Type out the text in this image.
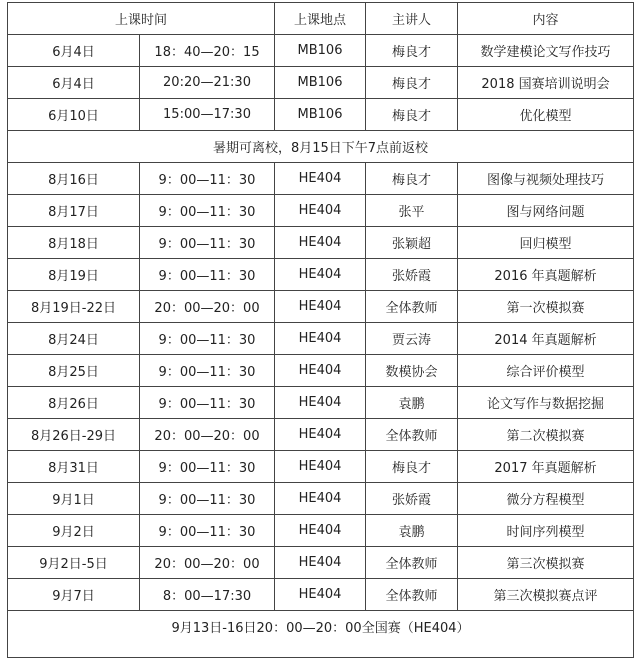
上课时间		上课地点	主讲人	内容
6月4日	18：40—20：15	MB106	梅良才	数学建模论文写作技巧
6月4日	20:20—21:30	MB106	梅良才	2018 国赛培训说明会
6月10日	15:00—17:30	MB106	梅良才	优化模型
暑期可离校，8月15日下午7点前返校				
8月16日	9：00—11：30	HE404	梅良才	图像与视频处理技巧
8月17日	9：00—11：30	HE404	张平	图与网络问题
8月18日	9：00—11：30	HE404	张颖超	回归模型
8月19日	9：00—11：30	HE404	张娇霞	2016 年真题解析
8月19日-22日	20：00—20：00	HE404	全体教师	第一次模拟赛
8月24日	9：00—11：30	HE404	贾云涛	2014 年真题解析
8月25日	9：00—11：30	HE404	数模协会	综合评价模型
8月26日	9：00—11：30	HE404	袁鹏	论文写作与数据挖掘
8月26日-29日	20：00—20：00	HE404	全体教师	第二次模拟赛
8月31日	9：00—11：30	HE404	梅良才	2017 年真题解析
9月1日	9：00—11：30	HE404	张娇霞	微分方程模型
9月2日	9：00—11：30	HE404	袁鹏	时间序列模型
9月2日-5日	20：00—20：00	HE404	全体教师	第三次模拟赛
9月7日	8：00—17:30	HE404	全体教师	第三次模拟赛点评
9月13日-16日20：00—20：00全国赛（HE404）				
